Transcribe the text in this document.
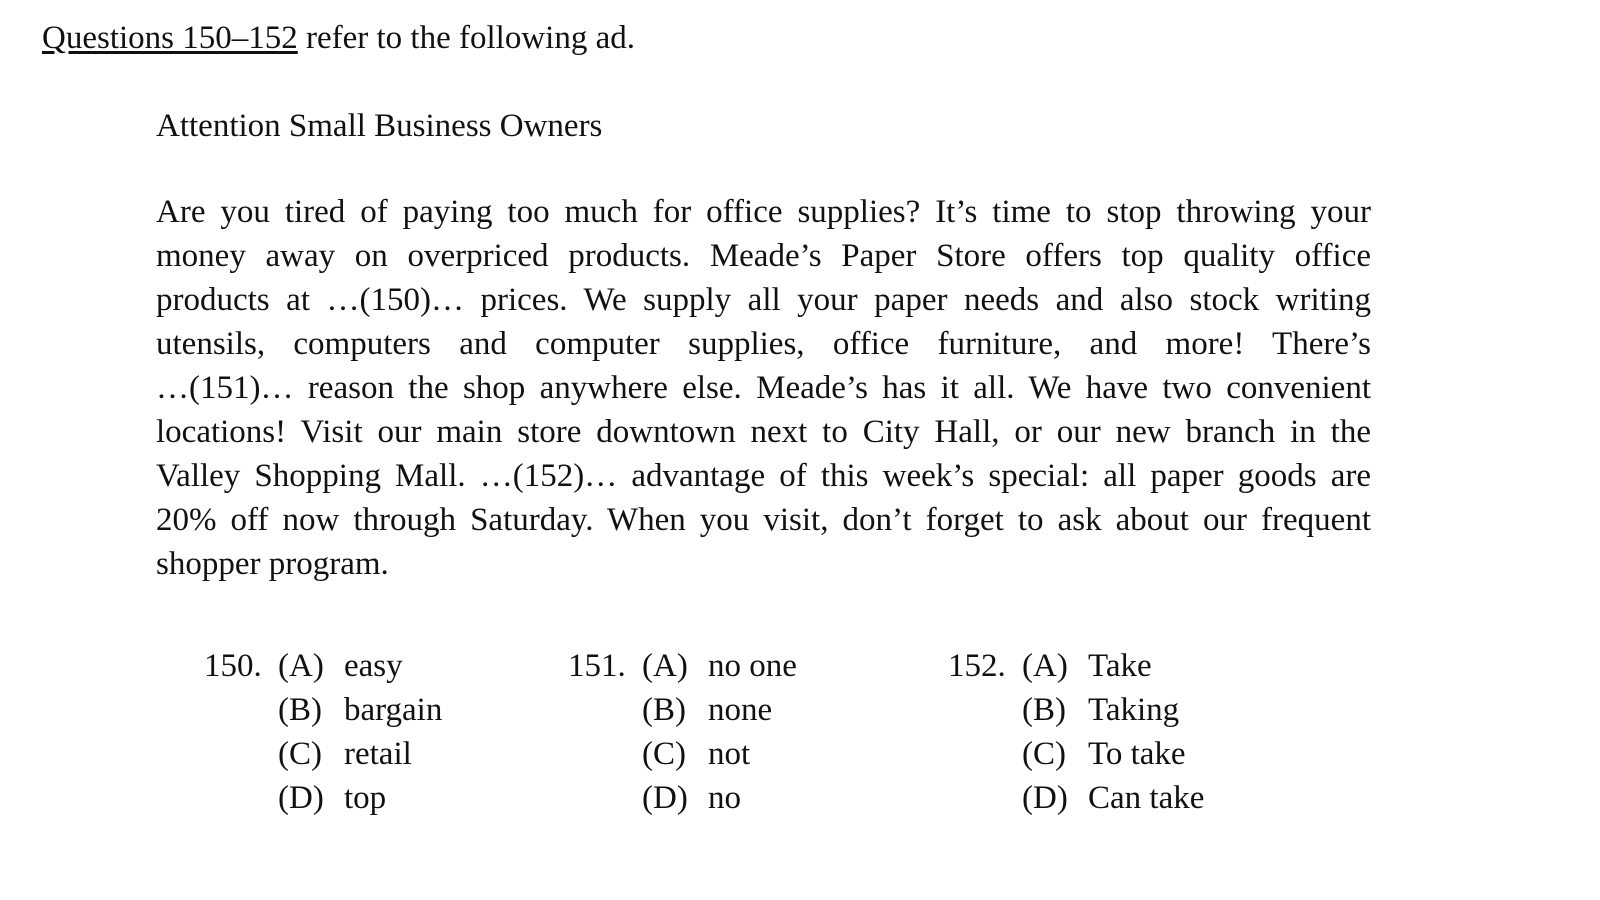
Questions 150–152 refer to the following ad.
Attention Small Business Owners
Are you tired of paying too much for office supplies? It’s time to stop throwing your
money away on overpriced products. Meade’s Paper Store offers top quality office
products at …(150)… prices. We supply all your paper needs and also stock writing
utensils, computers and computer supplies, office furniture, and more! There’s
…(151)… reason the shop anywhere else. Meade’s has it all. We have two convenient
locations! Visit our main store downtown next to City Hall, or our new branch in the
Valley Shopping Mall. …(152)… advantage of this week’s special: all paper goods are
20% off now through Saturday. When you visit, don’t forget to ask about our frequent
shopper program.
150. (A) easy
(B) bargain
(C) retail
(D) top
151. (A) no one
(B) none
(C) not
(D) no
152. (A) Take
(B) Taking
(C) To take
(D) Can take
